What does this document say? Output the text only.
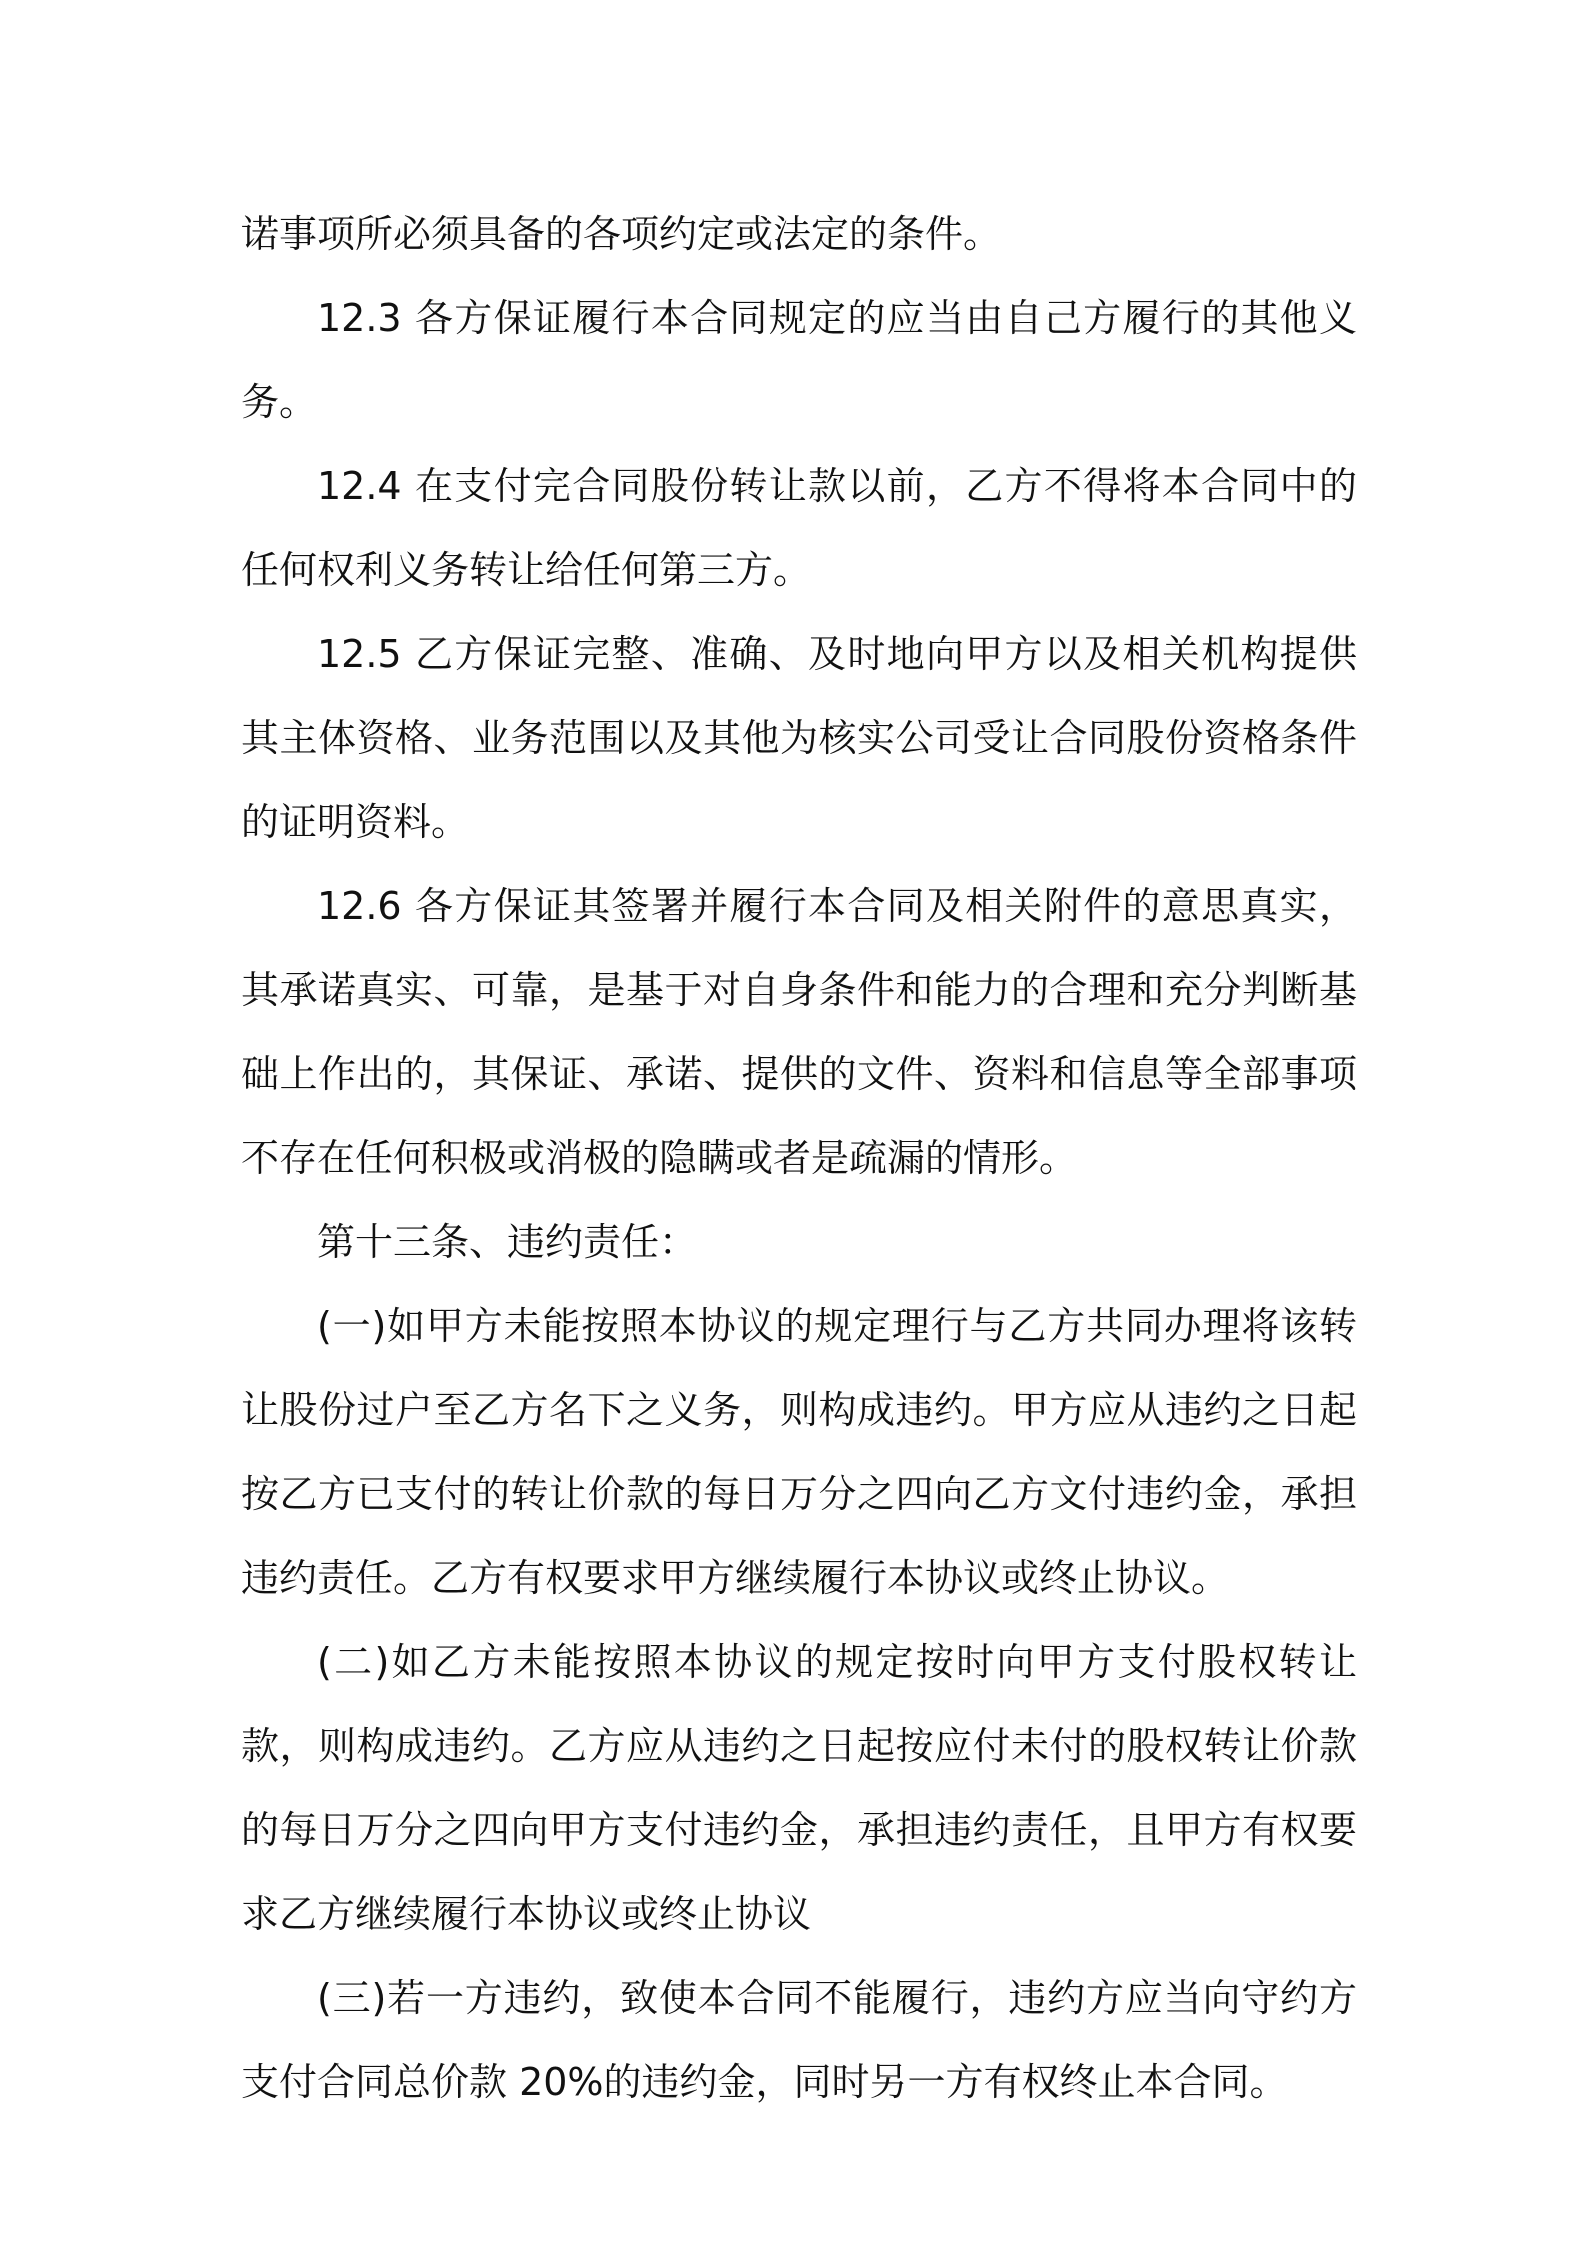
诺事项所必须具备的各项约定或法定的条件。

12.3 各方保证履行本合同规定的应当由自己方履行的其他义务。

12.4 在支付完合同股份转让款以前，乙方不得将本合同中的任何权利义务转让给任何第三方。

12.5 乙方保证完整、准确、及时地向甲方以及相关机构提供其主体资格、业务范围以及其他为核实公司受让合同股份资格条件的证明资料。

12.6 各方保证其签署并履行本合同及相关附件的意思真实，其承诺真实、可靠，是基于对自身条件和能力的合理和充分判断基础上作出的，其保证、承诺、提供的文件、资料和信息等全部事项不存在任何积极或消极的隐瞒或者是疏漏的情形。

第十三条、违约责任：

(一)如甲方未能按照本协议的规定理行与乙方共同办理将该转让股份过户至乙方名下之义务，则构成违约。甲方应从违约之日起按乙方已支付的转让价款的每日万分之四向乙方文付违约金，承担违约责任。乙方有权要求甲方继续履行本协议或终止协议。

(二)如乙方未能按照本协议的规定按时向甲方支付股权转让款，则构成违约。乙方应从违约之日起按应付未付的股权转让价款的每日万分之四向甲方支付违约金，承担违约责任，且甲方有权要求乙方继续履行本协议或终止协议

(三)若一方违约，致使本合同不能履行，违约方应当向守约方支付合同总价款 20%的违约金，同时另一方有权终止本合同。
